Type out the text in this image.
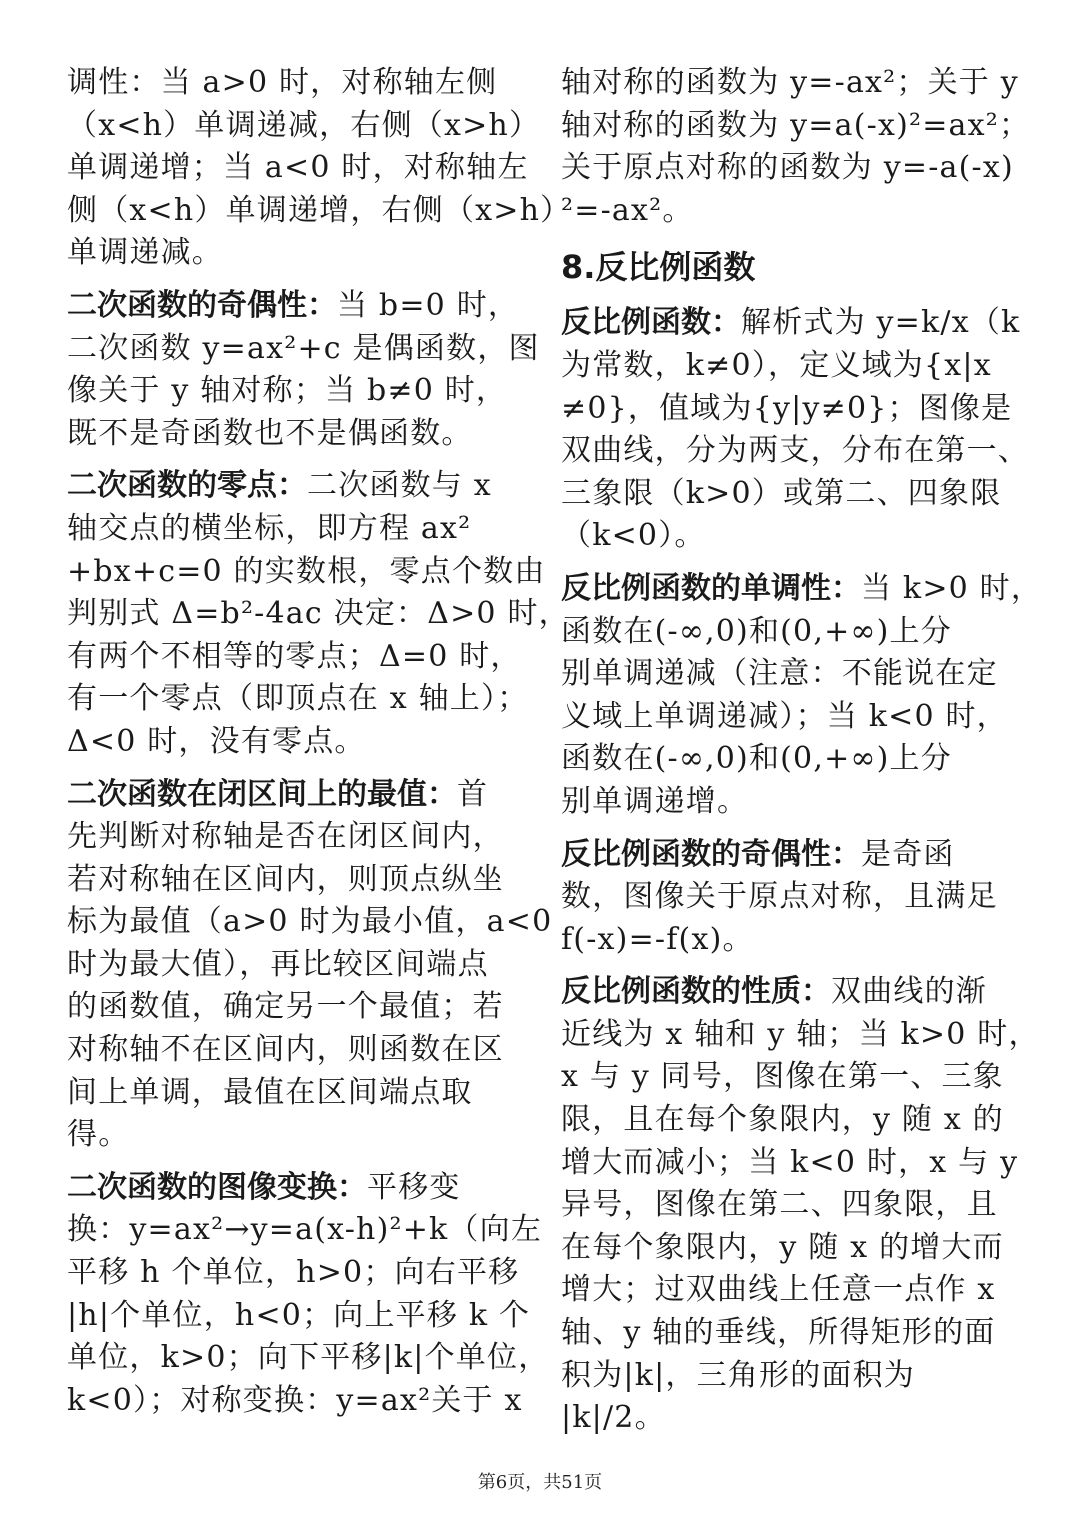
调性：当 a>0 时，对称轴左侧
（x<h）单调递减，右侧（x>h）
单调递增；当 a<0 时，对称轴左
侧（x<h）单调递增，右侧（x>h）
单调递减。
二次函数的奇偶性：当 b=0 时，
二次函数 y=ax²+c 是偶函数，图
像关于 y 轴对称；当 b≠0 时，
既不是奇函数也不是偶函数。
二次函数的零点：二次函数与 x
轴交点的横坐标，即方程 ax²
+bx+c=0 的实数根，零点个数由
判别式 Δ=b²-4ac 决定：Δ>0 时，
有两个不相等的零点；Δ=0 时，
有一个零点（即顶点在 x 轴上）；
Δ<0 时，没有零点。
二次函数在闭区间上的最值：首
先判断对称轴是否在闭区间内，
若对称轴在区间内，则顶点纵坐
标为最值（a>0 时为最小值，a<0
时为最大值），再比较区间端点
的函数值，确定另一个最值；若
对称轴不在区间内，则函数在区
间上单调，最值在区间端点取
得。
二次函数的图像变换：平移变
换：y=ax²→y=a(x-h)²+k（向左
平移 h 个单位，h>0；向右平移
|h|个单位，h<0；向上平移 k 个
单位，k>0；向下平移|k|个单位，
k<0）；对称变换：y=ax²关于 x
轴对称的函数为 y=-ax²；关于 y
轴对称的函数为 y=a(-x)²=ax²；
关于原点对称的函数为 y=-a(-x)
²=-ax²。
8.反比例函数
反比例函数：解析式为 y=k/x（k
为常数，k≠0），定义域为{x|x
≠0}，值域为{y|y≠0}；图像是
双曲线，分为两支，分布在第一、
三象限（k>0）或第二、四象限
（k<0）。
反比例函数的单调性：当 k>0 时，
函数在(-∞,0)和(0,+∞)上分
别单调递减（注意：不能说在定
义域上单调递减）；当 k<0 时，
函数在(-∞,0)和(0,+∞)上分
别单调递增。
反比例函数的奇偶性：是奇函
数，图像关于原点对称，且满足
f(-x)=-f(x)。
反比例函数的性质：双曲线的渐
近线为 x 轴和 y 轴；当 k>0 时，
x 与 y 同号，图像在第一、三象
限，且在每个象限内，y 随 x 的
增大而减小；当 k<0 时，x 与 y
异号，图像在第二、四象限，且
在每个象限内，y 随 x 的增大而
增大；过双曲线上任意一点作 x
轴、y 轴的垂线，所得矩形的面
积为|k|，三角形的面积为
|k|/2。
第6页，共51页
